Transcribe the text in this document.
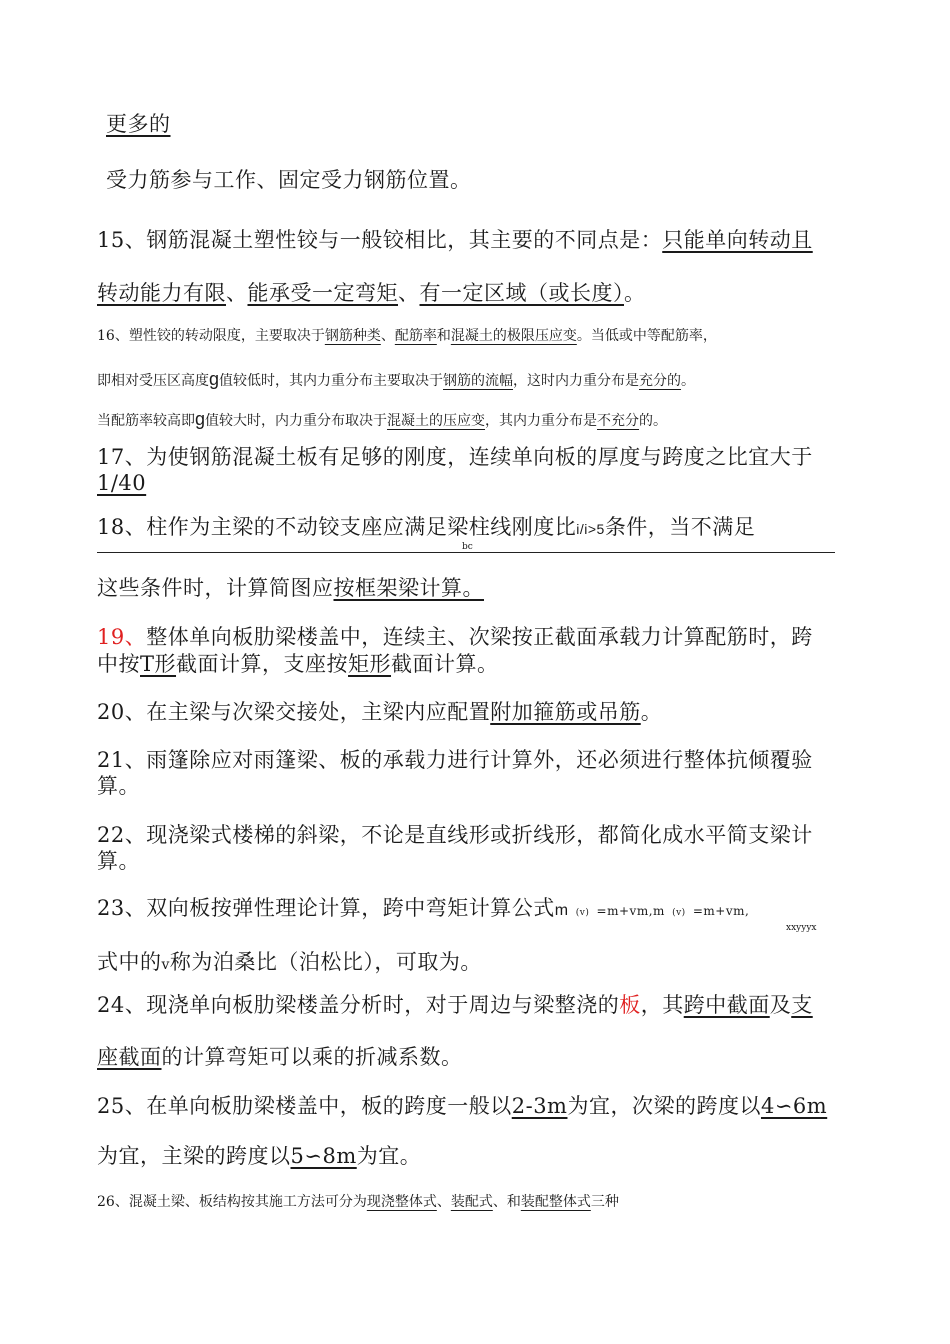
更多的
受力筋参与工作、固定受力钢筋位置。
15、钢筋混凝土塑性铰与一般铰相比，其主要的不同点是：只能单向转动且
转动能力有限、能承受一定弯矩、有一定区域（或长度）。
16、塑性铰的转动限度，主要取决于钢筋种类、配筋率和混凝土的极限压应变。当低或中等配筋率，
即相对受压区高度g值较低时，其内力重分布主要取决于钢筋的流幅，这时内力重分布是充分的。
当配筋率较高即g值较大时，内力重分布取决于混凝土的压应变，其内力重分布是不充分的。
17、为使钢筋混凝土板有足够的刚度，连续单向板的厚度与跨度之比宜大于
1/40
18、柱作为主梁的不动铰支座应满足梁柱线刚度比i/i>5条件，当不满足
bc
这些条件时，计算简图应按框架梁计算。
19、整体单向板肋梁楼盖中，连续主、次梁按正截面承载力计算配筋时，跨
中按T形截面计算，支座按矩形截面计算。
20、在主梁与次梁交接处，主梁内应配置附加箍筋或吊筋。
21、雨篷除应对雨篷梁、板的承载力进行计算外，还必须进行整体抗倾覆验
算。
22、现浇梁式楼梯的斜梁，不论是直线形或折线形，都简化成水平简支梁计
算。
23、双向板按弹性理论计算，跨中弯矩计算公式m (v) =m+vm,m (v) =m+vm,
xxyyyx
式中的v称为泊桑比（泊松比），可取为。
24、现浇单向板肋梁楼盖分析时，对于周边与梁整浇的板，其跨中截面及支
座截面的计算弯矩可以乘的折减系数。
25、在单向板肋梁楼盖中，板的跨度一般以2-3m为宜，次梁的跨度以4∽6m
为宜，主梁的跨度以5∽8m为宜。
26、混凝土梁、板结构按其施工方法可分为现浇整体式、装配式、和装配整体式三种
